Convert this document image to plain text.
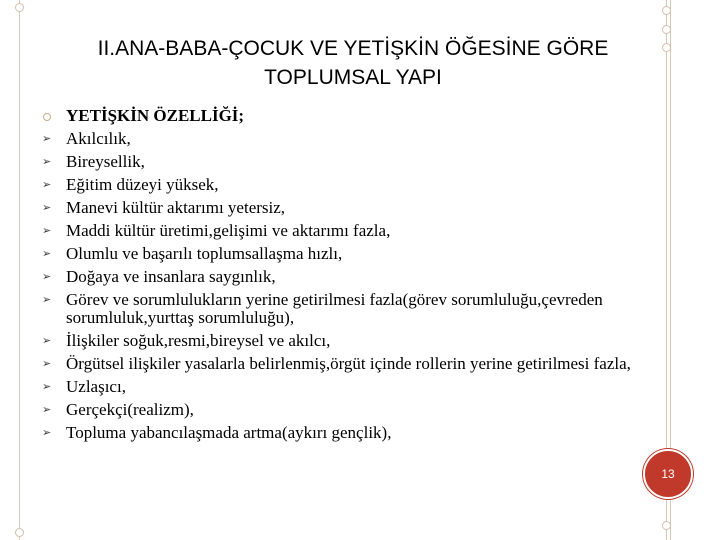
II.ANA-BABA-ÇOCUK VE YETİŞKİN ÖĞESİNE GÖRE
TOPLUMSAL YAPI
YETİŞKİN ÖZELLİĞİ;
➢ Akılcılık,
➢ Bireysellik,
➢ Eğitim düzeyi yüksek,
➢ Manevi kültür aktarımı yetersiz,
➢ Maddi kültür üretimi,gelişimi ve aktarımı fazla,
➢ Olumlu ve başarılı toplumsallaşma hızlı,
➢ Doğaya ve insanlara saygınlık,
➢ Görev ve sorumlulukların yerine getirilmesi fazla(görev sorumluluğu,çevreden sorumluluk,yurttaş sorumluluğu),
➢ İlişkiler soğuk,resmi,bireysel ve akılcı,
➢ Örgütsel ilişkiler yasalarla belirlenmiş,örgüt içinde rollerin yerine getirilmesi fazla,
➢ Uzlaşıcı,
➢ Gerçekçi(realizm),
➢ Topluma yabancılaşmada artma(aykırı gençlik),
13
